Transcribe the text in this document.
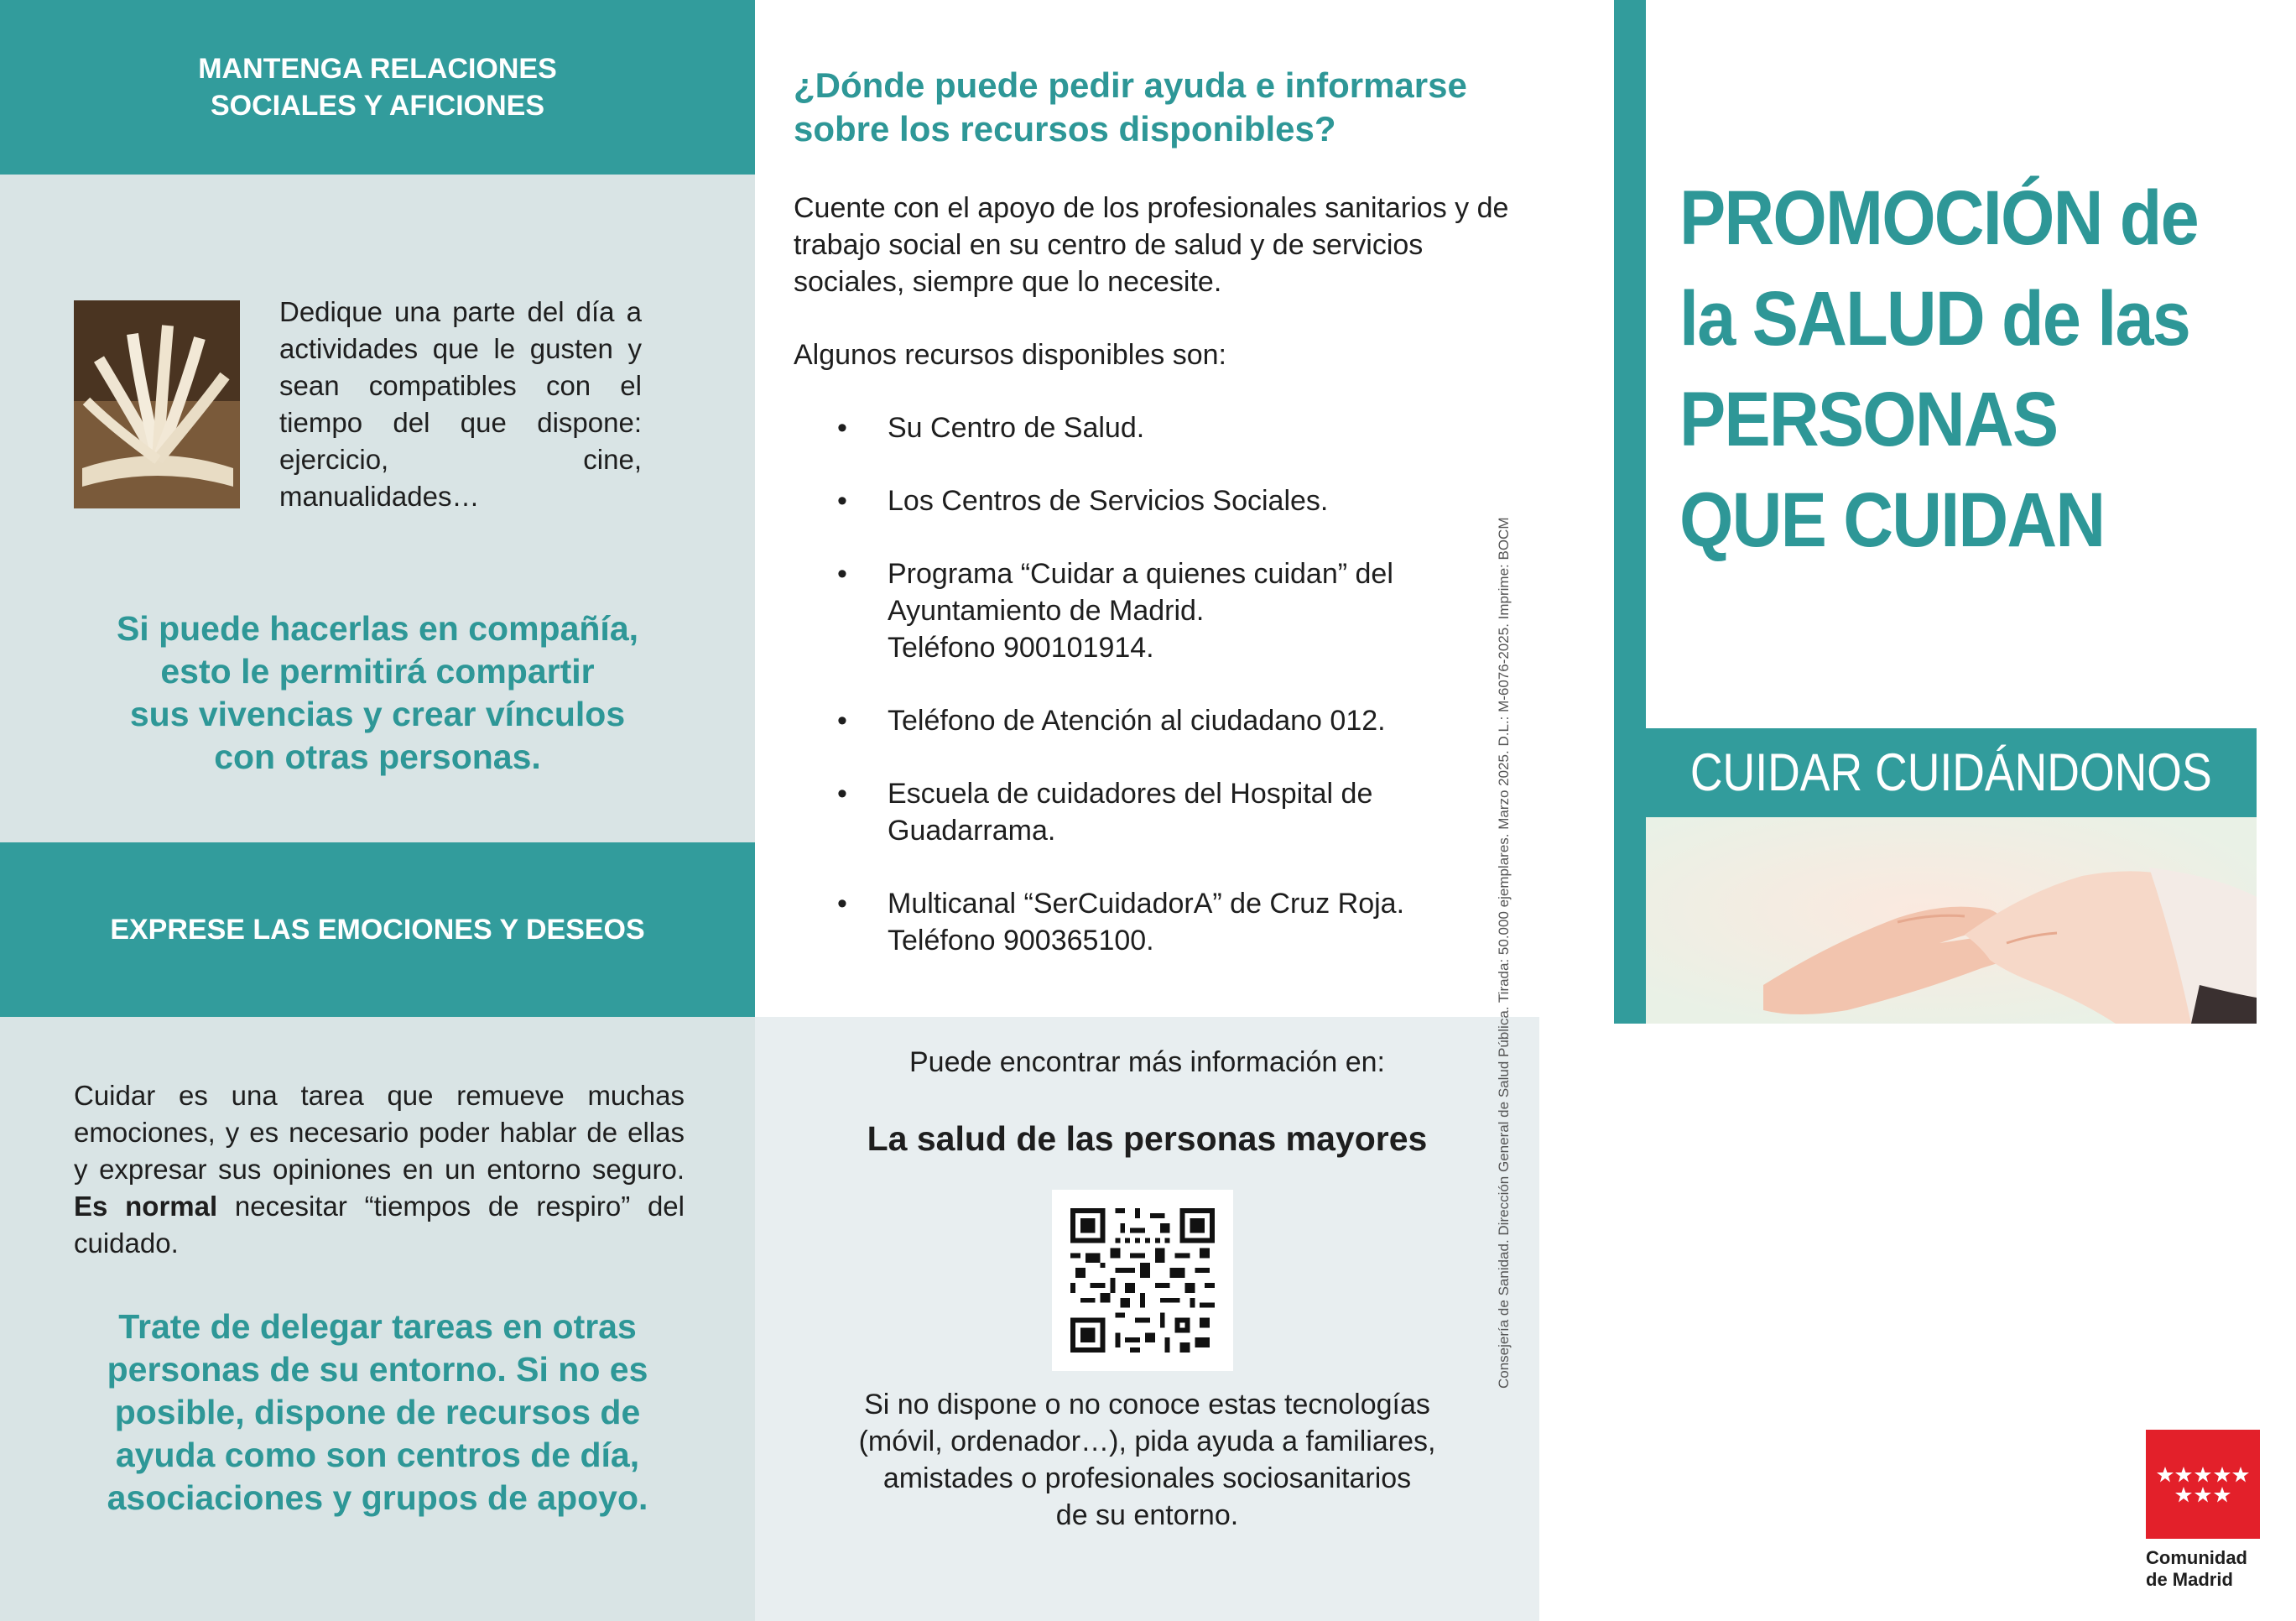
MANTENGA RELACIONES
SOCIALES Y AFICIONES

Dedique una parte del día a actividades que le gusten y sean compatibles con el tiempo del que dispone: ejercicio, cine, manualidades…

Si puede hacerlas en compañía,
esto le permitirá compartir
sus vivencias y crear vínculos
con otras personas.
EXPRESE LAS EMOCIONES Y DESEOS

Cuidar es una tarea que remueve muchas emociones, y es necesario poder hablar de ellas y expresar sus opiniones en un entorno seguro. Es normal necesitar “tiempos de respiro” del cuidado.

Trate de delegar tareas en otras personas de su entorno. Si no es posible, dispone de recursos de ayuda como son centros de día, asociaciones y grupos de apoyo.

¿Dónde puede pedir ayuda e informarse
sobre los recursos disponibles?

Cuente con el apoyo de los profesionales sanitarios y de trabajo social en su centro de salud y de servicios sociales, siempre que lo necesite.

Algunos recursos disponibles son:

• Su Centro de Salud.
• Los Centros de Servicios Sociales.
• Programa “Cuidar a quienes cuidan” del
Ayuntamiento de Madrid.
Teléfono 900101914.
• Teléfono de Atención al ciudadano 012.
• Escuela de cuidadores del Hospital de
Guadarrama.
• Multicanal “SerCuidadorA” de Cruz Roja.
Teléfono 900365100.

Puede encontrar más información en:

La salud de las personas mayores

Si no dispone o no conoce estas tecnologías
(móvil, ordenador…), pida ayuda a familiares,
amistades o profesionales sociosanitarios
de su entorno.
Consejería de Sanidad. Dirección General de Salud Pública. Tirada: 50.000 ejemplares. Marzo 2025. D.L.: M-6076-2025. Imprime: BOCM
PROMOCIÓN de
la SALUD de las
PERSONAS
QUE CUIDAN
CUIDAR CUIDÁNDONOS
Comunidad
de Madrid
